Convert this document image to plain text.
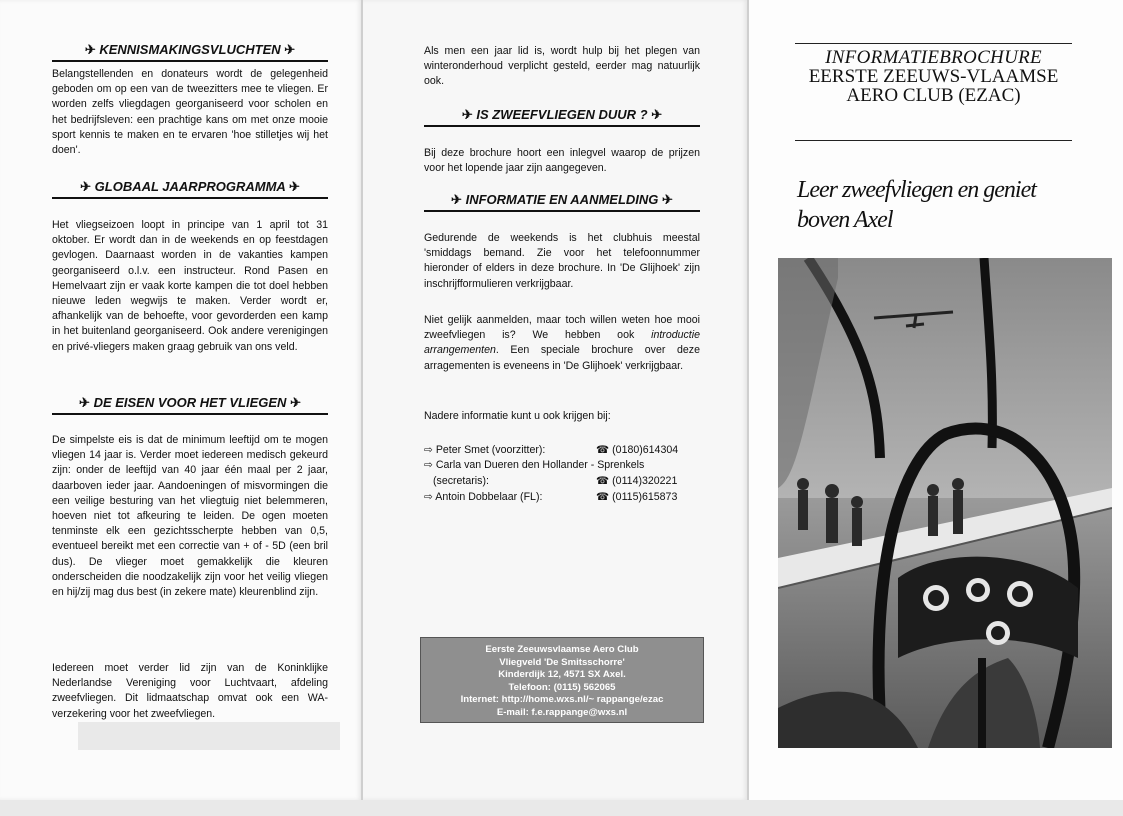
✈ KENNISMAKINGSVLUCHTEN ✈
Belangstellenden en donateurs wordt de gelegenheid geboden om op een van de tweezitters mee te vliegen. Er worden zelfs vliegdagen georganiseerd voor scholen en het bedrijfsleven: een prachtige kans om met onze mooie sport kennis te maken en te ervaren 'hoe stilletjes wij het doen'.
✈ GLOBAAL JAARPROGRAMMA ✈
Het vliegseizoen loopt in principe van 1 april tot 31 oktober. Er wordt dan in de weekends en op feestdagen gevlogen. Daarnaast worden in de vakanties kampen georganiseerd o.l.v. een instructeur. Rond Pasen en Hemelvaart zijn er vaak korte kampen die tot doel hebben nieuwe leden wegwijs te maken. Verder wordt er, afhankelijk van de behoefte, voor gevorderden een kamp in het buitenland georganiseerd. Ook andere verenigingen en privé-vliegers maken graag gebruik van ons veld.
✈ DE EISEN VOOR HET VLIEGEN ✈
De simpelste eis is dat de minimum leeftijd om te mogen vliegen 14 jaar is. Verder moet iedereen medisch gekeurd zijn: onder de leeftijd van 40 jaar één maal per 2 jaar, daarboven ieder jaar. Aandoeningen of misvormingen die een veilige besturing van het vliegtuig niet belemmeren, hoeven niet tot afkeuring te leiden. De ogen moeten tenminste elk een gezichtsscherpte hebben van 0,5, eventueel bereikt met een correctie van + of - 5D (een bril dus). De vlieger moet gemakkelijk die kleuren onderscheiden die noodzakelijk zijn voor het veilig vliegen en hij/zij mag dus best (in zekere mate) kleurenblind zijn.
Iedereen moet verder lid zijn van de Koninklijke Nederlandse Vereniging voor Luchtvaart, afdeling zweefvliegen. Dit lidmaatschap omvat ook een WA-verzekering voor het zweefvliegen.
Als men een jaar lid is, wordt hulp bij het plegen van winteronderhoud verplicht gesteld, eerder mag natuurlijk ook.
✈ IS ZWEEFVLIEGEN DUUR ? ✈
Bij deze brochure hoort een inlegvel waarop de prijzen voor het lopende jaar zijn aangegeven.
✈ INFORMATIE EN AANMELDING ✈
Gedurende de weekends is het clubhuis meestal 'smiddags bemand. Zie voor het telefoonnummer hieronder of elders in deze brochure. In 'De Glijhoek' zijn inschrijfformulieren verkrijgbaar.
Niet gelijk aanmelden, maar toch willen weten hoe mooi zweefvliegen is? We hebben ook introductie arrangementen. Een speciale brochure over deze arragementen is eveneens in 'De Glijhoek' verkrijgbaar.
Nadere informatie kunt u ook krijgen bij:
⇨ Peter Smet (voorzitter):	☎ (0180)614304
⇨ Carla van Dueren den Hollander - Sprenkels
(secretaris):	☎ (0114)320221
⇨ Antoin Dobbelaar (FL):	☎ (0115)615873
Eerste Zeeuwsvlaamse Aero Club
Vliegveld 'De Smitsschorre'
Kinderdijk 12, 4571 SX Axel.
Telefoon: (0115) 562065
Internet: http://home.wxs.nl/~ rappange/ezac
E-mail: f.e.rappange@wxs.nl
INFORMATIEBROCHURE
EERSTE ZEEUWS-VLAAMSE
AERO CLUB (EZAC)
Leer zweefvliegen en geniet
boven Axel
